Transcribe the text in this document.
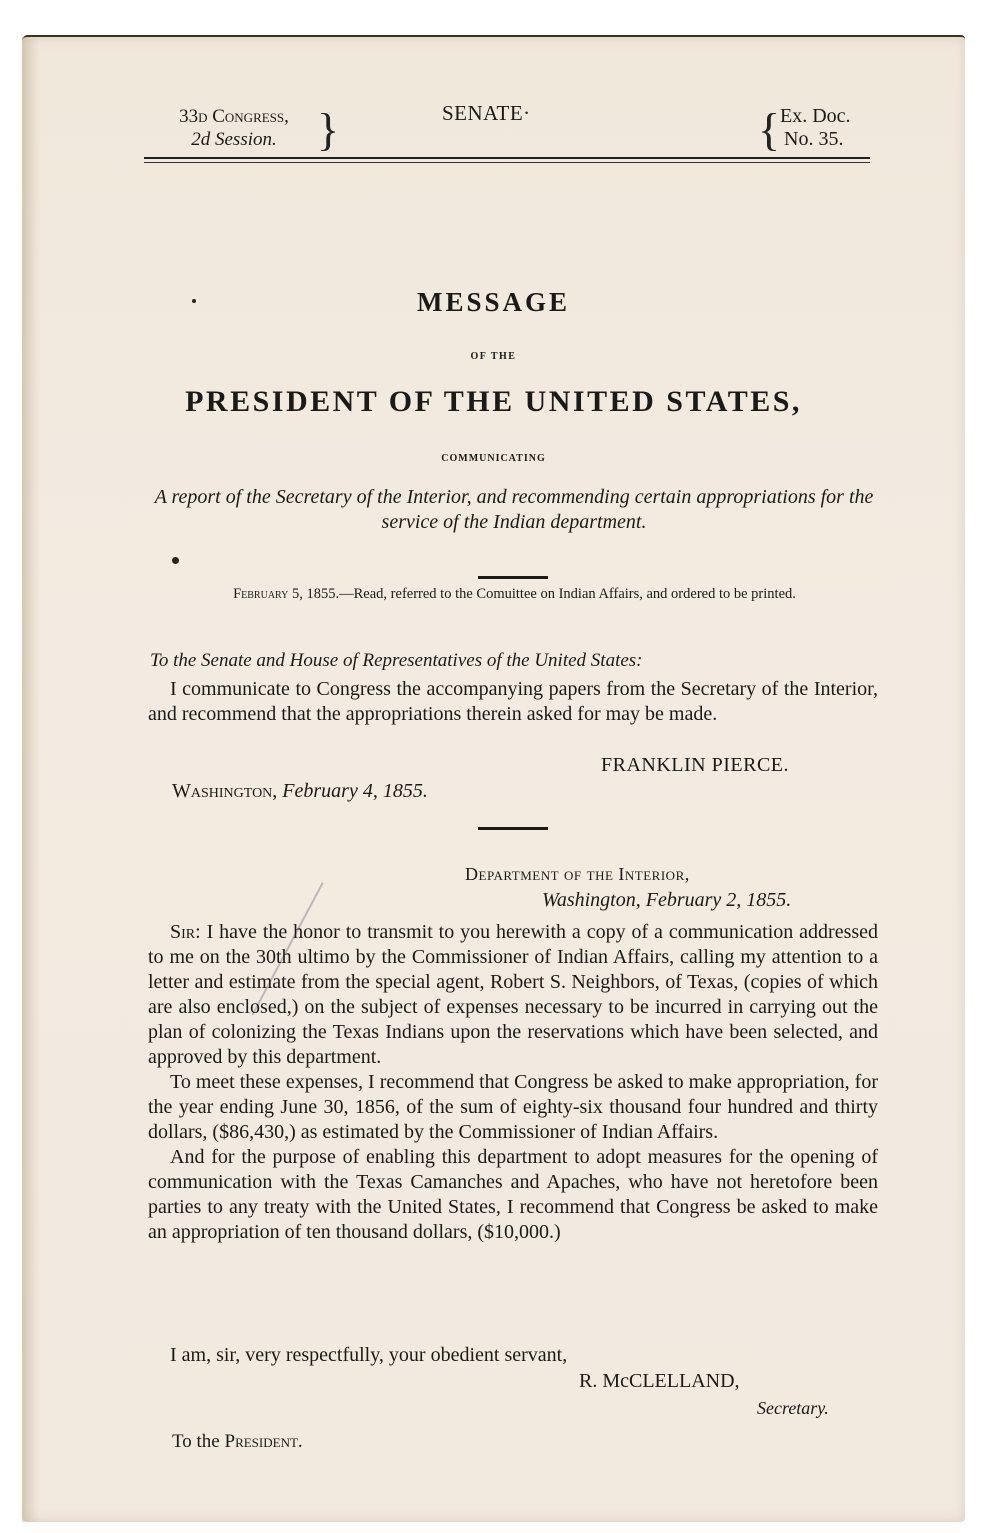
33d Congress,
2d Session. }	SENATE·	{ Ex. Doc.
No. 35.
MESSAGE
OF THE
PRESIDENT OF THE UNITED STATES,
COMMUNICATING
A report of the Secretary of the Interior, and recommending certain appropriations for the service of the Indian department.
February 5, 1855.—Read, referred to the Comuittee on Indian Affairs, and ordered to be printed.
To the Senate and House of Representatives of the United States:
I communicate to Congress the accompanying papers from the Secretary of the Interior, and recommend that the appropriations therein asked for may be made.
FRANKLIN PIERCE.
Washington, February 4, 1855.
Department of the Interior,
Washington, February 2, 1855.

Sir: I have the honor to transmit to you herewith a copy of a communication addressed to me on the 30th ultimo by the Commissioner of Indian Affairs, calling my attention to a letter and estimate from the special agent, Robert S. Neighbors, of Texas, (copies of which are also enclosed,) on the subject of expenses necessary to be incurred in carrying out the plan of colonizing the Texas Indians upon the reservations which have been selected, and approved by this department.

To meet these expenses, I recommend that Congress be asked to make appropriation, for the year ending June 30, 1856, of the sum of eighty-six thousand four hundred and thirty dollars, ($86,430,) as estimated by the Commissioner of Indian Affairs.

And for the purpose of enabling this department to adopt measures for the opening of communication with the Texas Camanches and Apaches, who have not heretofore been parties to any treaty with the United States, I recommend that Congress be asked to make an appropriation of ten thousand dollars, ($10,000.)

I am, sir, very respectfully, your obedient servant,
R. McCLELLAND,
Secretary.
To the President.
